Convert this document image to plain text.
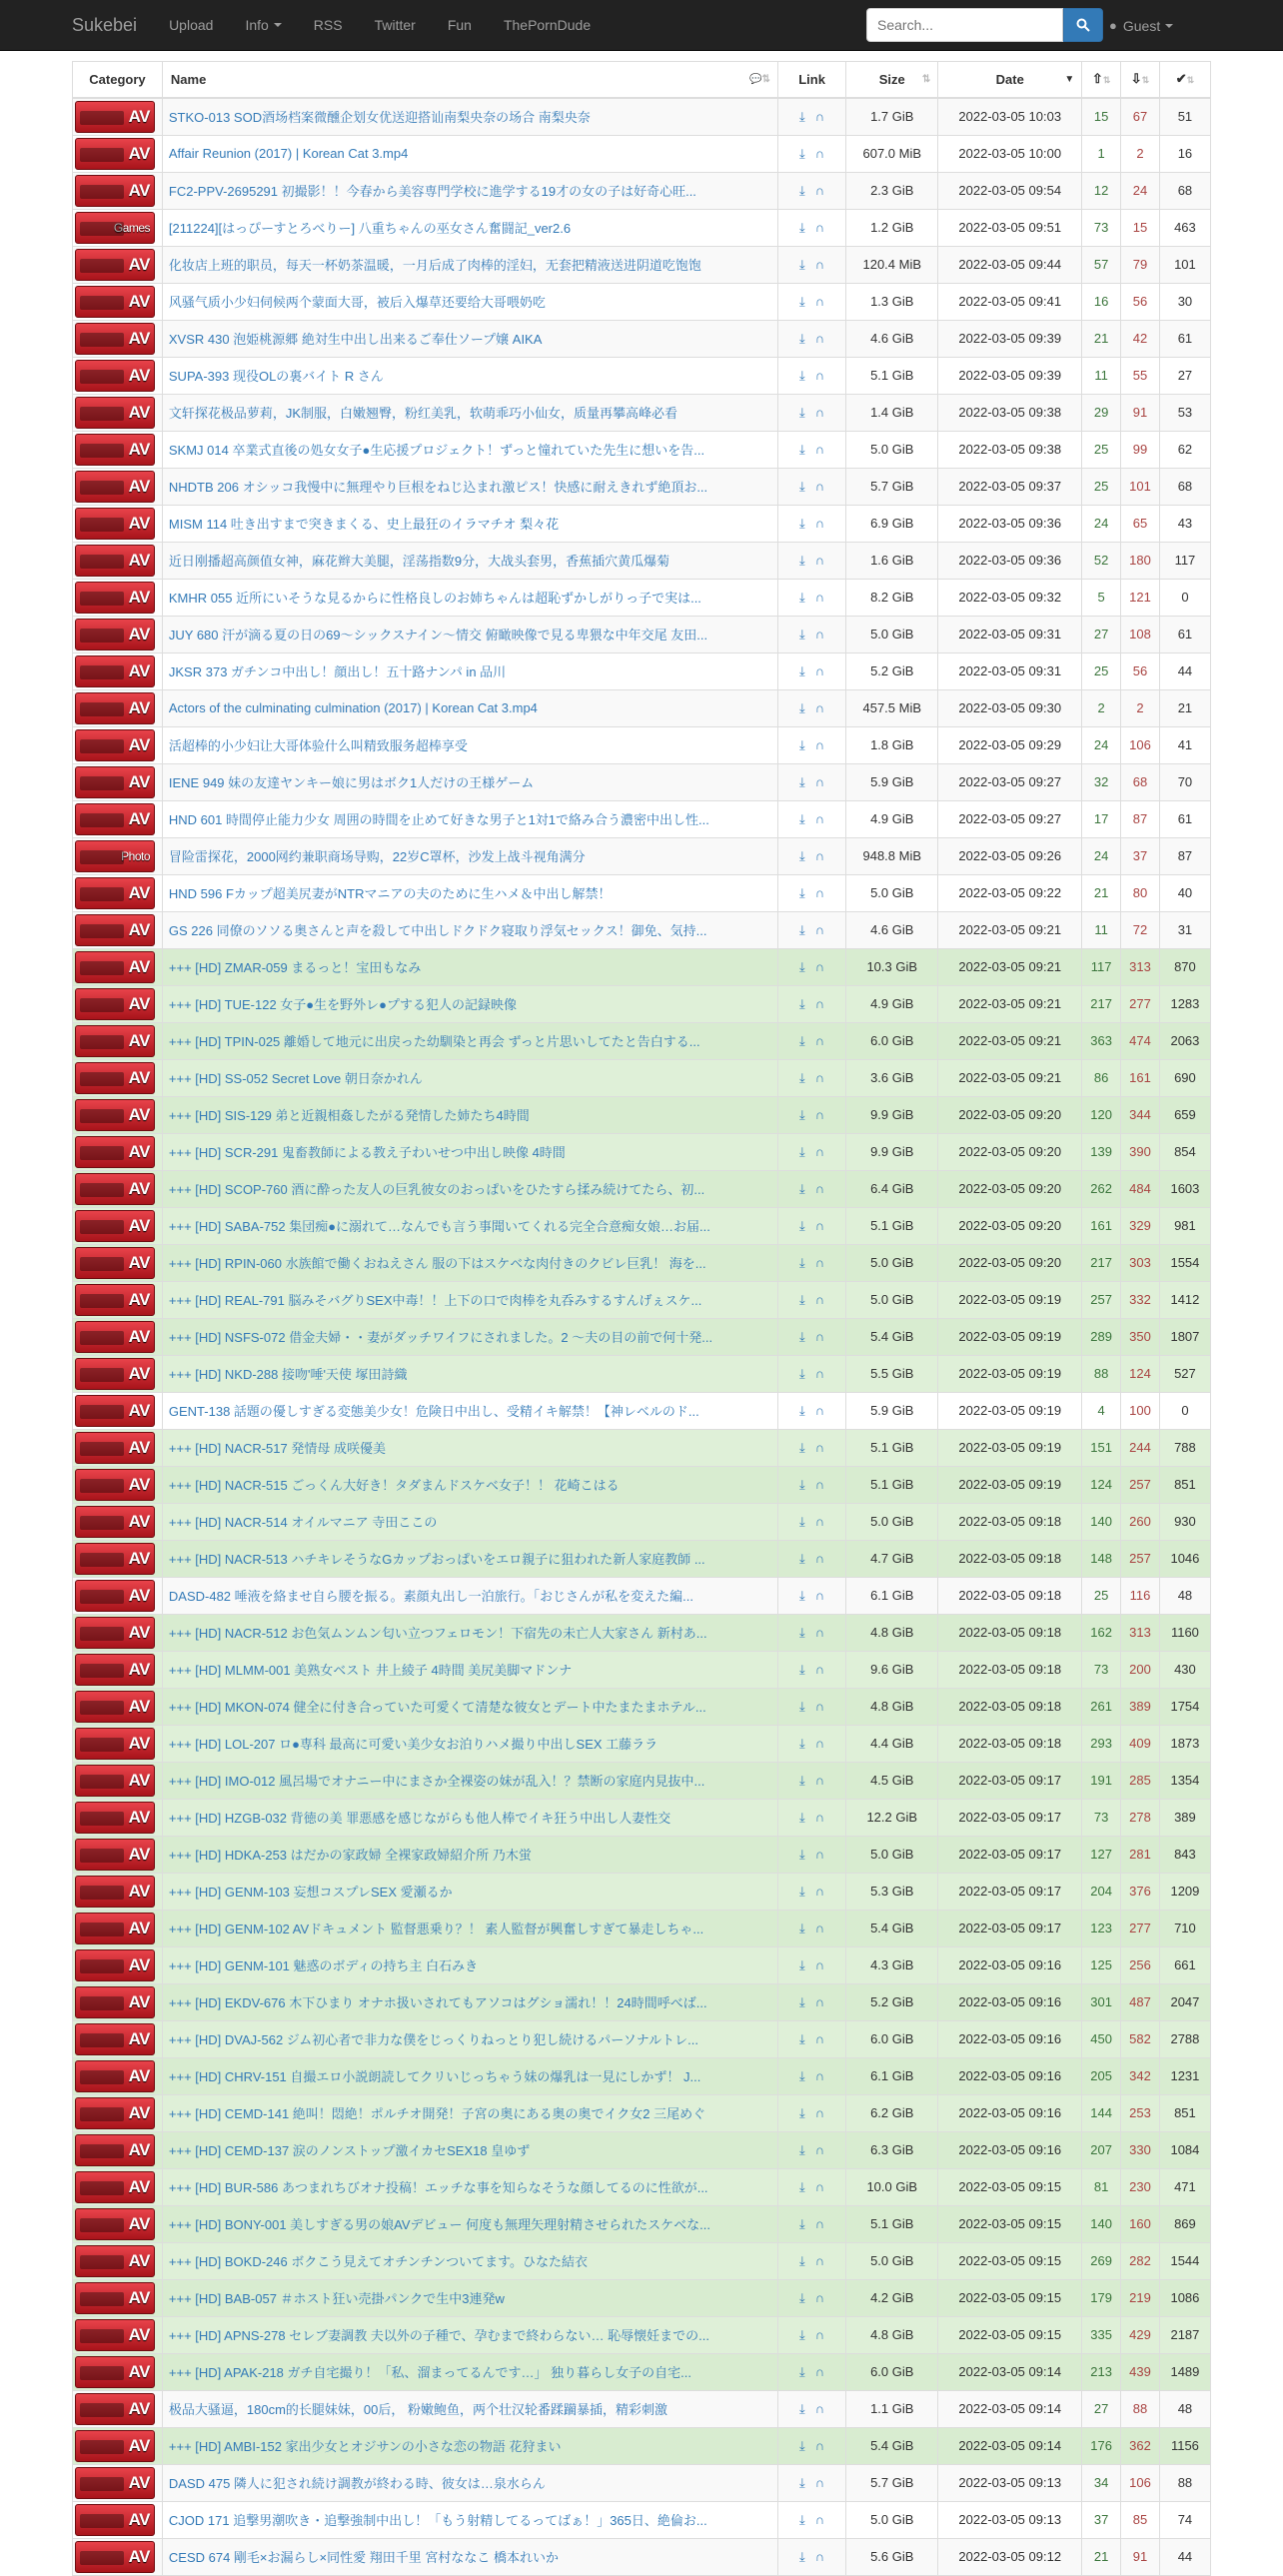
Sukebei Upload Info	RSS Twitter Fun ThePornDude
Search...	● Guest
Category	Name 💬⇅	Link	Size ⇅	Date ▼	⇧⇅	⇩⇅	✔⇅

AV	STKO-013 SOD酒场档案微醺企划女优送迎搭讪南梨央奈の场合 南梨央奈	⤓ ∩	1.7 GiB	2022-03-05 10:03	15	67	51

AV	Affair Reunion (2017) | Korean Cat 3.mp4	⤓ ∩	607.0 MiB	2022-03-05 10:00	1	2	16

AV	FC2-PPV-2695291 初撮影！！今春から美容専門学校に進学する19才の女の子は好奇心旺...	⤓ ∩	2.3 GiB	2022-03-05 09:54	12	24	68

Games	[211224][はっぴーすとろべりー] 八重ちゃんの巫女さん奮闘記_ver2.6	⤓ ∩	1.2 GiB	2022-03-05 09:51	73	15	463

AV	化妆店上班的职员，每天一杯奶茶温暖，一月后成了肉棒的淫妇，无套把精液送进阴道吃饱饱	⤓ ∩	120.4 MiB	2022-03-05 09:44	57	79	101

AV	风骚气质小少妇伺候两个蒙面大哥，被后入爆草还要给大哥喂奶吃	⤓ ∩	1.3 GiB	2022-03-05 09:41	16	56	30

AV	XVSR 430 泡姫桃源郷 絶対生中出し出来るご奉仕ソープ嬢 AIKA	⤓ ∩	4.6 GiB	2022-03-05 09:39	21	42	61

AV	SUPA-393 现役OLの裏バイト R さん	⤓ ∩	5.1 GiB	2022-03-05 09:39	11	55	27

AV	文轩探花极品萝莉，JK制服，白嫩翘臀，粉红美乳，软萌乖巧小仙女，质量再攀高峰必看	⤓ ∩	1.4 GiB	2022-03-05 09:38	29	91	53

AV	SKMJ 014 卒業式直後の処女女子●生応援プロジェクト！ずっと憧れていた先生に想いを告...	⤓ ∩	5.0 GiB	2022-03-05 09:38	25	99	62

AV	NHDTB 206 オシッコ我慢中に無理やり巨根をねじ込まれ激ピス！快感に耐えきれず絶頂お...	⤓ ∩	5.7 GiB	2022-03-05 09:37	25	101	68

AV	MISM 114 吐き出すまで突きまくる、史上最狂のイラマチオ 梨々花	⤓ ∩	6.9 GiB	2022-03-05 09:36	24	65	43

AV	近日刚播超高颜值女神，麻花辫大美腿，淫荡指数9分，大战头套男，香蕉插穴黄瓜爆菊	⤓ ∩	1.6 GiB	2022-03-05 09:36	52	180	117

AV	KMHR 055 近所にいそうな見るからに性格良しのお姉ちゃんは超恥ずかしがりっ子で実は...	⤓ ∩	8.2 GiB	2022-03-05 09:32	5	121	0

AV	JUY 680 汗が滴る夏の日の69～シックスナイン～情交 俯瞰映像で見る卑猥な中年交尾 友田...	⤓ ∩	5.0 GiB	2022-03-05 09:31	27	108	61

AV	JKSR 373 ガチンコ中出し！顔出し！五十路ナンパ in 品川	⤓ ∩	5.2 GiB	2022-03-05 09:31	25	56	44

AV	Actors of the culminating culmination (2017) | Korean Cat 3.mp4	⤓ ∩	457.5 MiB	2022-03-05 09:30	2	2	21

AV	活超棒的小少妇让大哥体验什么叫精致服务超棒享受	⤓ ∩	1.8 GiB	2022-03-05 09:29	24	106	41

AV	IENE 949 妹の友達ヤンキー娘に男はボク1人だけの王様ゲーム	⤓ ∩	5.9 GiB	2022-03-05 09:27	32	68	70

AV	HND 601 時間停止能力少女 周囲の時間を止めて好きな男子と1対1で絡み合う濃密中出し性...	⤓ ∩	4.9 GiB	2022-03-05 09:27	17	87	61

Photo	冒险雷探花，2000网约兼职商场导购，22岁C罩杯，沙发上战斗视角满分	⤓ ∩	948.8 MiB	2022-03-05 09:26	24	37	87

AV	HND 596 Fカップ超美尻妻がNTRマニアの夫のために生ハメ＆中出し解禁！	⤓ ∩	5.0 GiB	2022-03-05 09:22	21	80	40

AV	GS 226 同僚のソソる奥さんと声を殺して中出しドクドク寝取り浮気セックス！御免、気持...	⤓ ∩	4.6 GiB	2022-03-05 09:21	11	72	31

AV	+++ [HD] ZMAR-059 まるっと！宝田もなみ	⤓ ∩	10.3 GiB	2022-03-05 09:21	117	313	870

AV	+++ [HD] TUE-122 女子●生を野外レ●プする犯人の記録映像	⤓ ∩	4.9 GiB	2022-03-05 09:21	217	277	1283

AV	+++ [HD] TPIN-025 離婚して地元に出戻った幼馴染と再会 ずっと片思いしてたと告白する...	⤓ ∩	6.0 GiB	2022-03-05 09:21	363	474	2063

AV	+++ [HD] SS-052 Secret Love 朝日奈かれん	⤓ ∩	3.6 GiB	2022-03-05 09:21	86	161	690

AV	+++ [HD] SIS-129 弟と近親相姦したがる発情した姉たち4時間	⤓ ∩	9.9 GiB	2022-03-05 09:20	120	344	659

AV	+++ [HD] SCR-291 鬼畜教師による教え子わいせつ中出し映像 4時間	⤓ ∩	9.9 GiB	2022-03-05 09:20	139	390	854

AV	+++ [HD] SCOP-760 酒に酔った友人の巨乳彼女のおっぱいをひたすら揉み続けてたら、初...	⤓ ∩	6.4 GiB	2022-03-05 09:20	262	484	1603

AV	+++ [HD] SABA-752 集団痴●に溺れて…なんでも言う事聞いてくれる完全合意痴女娘…お届...	⤓ ∩	5.1 GiB	2022-03-05 09:20	161	329	981

AV	+++ [HD] RPIN-060 水族館で働くおねえさん 服の下はスケベな肉付きのクビレ巨乳！ 海を...	⤓ ∩	5.0 GiB	2022-03-05 09:20	217	303	1554

AV	+++ [HD] REAL-791 脳みそバグりSEX中毒！！上下の口で肉棒を丸呑みするすんげぇスケ...	⤓ ∩	5.0 GiB	2022-03-05 09:19	257	332	1412

AV	+++ [HD] NSFS-072 借金夫婦・・妻がダッチワイフにされました。2 ～夫の目の前で何十発...	⤓ ∩	5.4 GiB	2022-03-05 09:19	289	350	1807

AV	+++ [HD] NKD-288 接吻'唾'天使 塚田詩織	⤓ ∩	5.5 GiB	2022-03-05 09:19	88	124	527

AV	GENT-138 話題の優しすぎる変態美少女！危険日中出し、受精イキ解禁！【神レベルのド...	⤓ ∩	5.9 GiB	2022-03-05 09:19	4	100	0

AV	+++ [HD] NACR-517 発情母 成咲優美	⤓ ∩	5.1 GiB	2022-03-05 09:19	151	244	788

AV	+++ [HD] NACR-515 ごっくん大好き！タダまんドスケベ女子！！ 花崎こはる	⤓ ∩	5.1 GiB	2022-03-05 09:19	124	257	851

AV	+++ [HD] NACR-514 オイルマニア 寺田ここの	⤓ ∩	5.0 GiB	2022-03-05 09:18	140	260	930

AV	+++ [HD] NACR-513 ハチキレそうなGカップおっぱいをエロ親子に狙われた新人家庭教師 ...	⤓ ∩	4.7 GiB	2022-03-05 09:18	148	257	1046

AV	DASD-482 唾液を絡ませ自ら腰を振る。素顔丸出し一泊旅行。「おじさんが私を変えた編...	⤓ ∩	6.1 GiB	2022-03-05 09:18	25	116	48

AV	+++ [HD] NACR-512 お色気ムンムン匂い立つフェロモン！下宿先の未亡人大家さん 新村あ...	⤓ ∩	4.8 GiB	2022-03-05 09:18	162	313	1160

AV	+++ [HD] MLMM-001 美熟女ベスト 井上綾子 4時間 美尻美脚マドンナ	⤓ ∩	9.6 GiB	2022-03-05 09:18	73	200	430

AV	+++ [HD] MKON-074 健全に付き合っていた可愛くて清楚な彼女とデート中たまたまホテル...	⤓ ∩	4.8 GiB	2022-03-05 09:18	261	389	1754

AV	+++ [HD] LOL-207 ロ●専科 最高に可愛い美少女お泊りハメ撮り中出しSEX 工藤ララ	⤓ ∩	4.4 GiB	2022-03-05 09:18	293	409	1873

AV	+++ [HD] IMO-012 風呂場でオナニー中にまさか全裸姿の妹が乱入！？禁断の家庭内見抜中...	⤓ ∩	4.5 GiB	2022-03-05 09:17	191	285	1354

AV	+++ [HD] HZGB-032 背徳の美 罪悪感を感じながらも他人棒でイキ狂う中出し人妻性交	⤓ ∩	12.2 GiB	2022-03-05 09:17	73	278	389

AV	+++ [HD] HDKA-253 はだかの家政婦 全裸家政婦紹介所 乃木蛍	⤓ ∩	5.0 GiB	2022-03-05 09:17	127	281	843

AV	+++ [HD] GENM-103 妄想コスプレSEX 愛瀬るか	⤓ ∩	5.3 GiB	2022-03-05 09:17	204	376	1209

AV	+++ [HD] GENM-102 AVドキュメント 監督悪乗り？！ 素人監督が興奮しすぎて暴走しちゃ...	⤓ ∩	5.4 GiB	2022-03-05 09:17	123	277	710

AV	+++ [HD] GENM-101 魅惑のボディの持ち主 白石みき	⤓ ∩	4.3 GiB	2022-03-05 09:16	125	256	661

AV	+++ [HD] EKDV-676 木下ひまり オナホ扱いされてもアソコはグショ濡れ！！24時間呼べば...	⤓ ∩	5.2 GiB	2022-03-05 09:16	301	487	2047

AV	+++ [HD] DVAJ-562 ジム初心者で非力な僕をじっくりねっとり犯し続けるパーソナルトレ...	⤓ ∩	6.0 GiB	2022-03-05 09:16	450	582	2788

AV	+++ [HD] CHRV-151 自撮エロ小説朗読してクリいじっちゃう妹の爆乳は一見にしかず！ J...	⤓ ∩	6.1 GiB	2022-03-05 09:16	205	342	1231

AV	+++ [HD] CEMD-141 絶叫！悶絶！ポルチオ開発！子宮の奥にある奥の奥でイク女2 三尾めぐ	⤓ ∩	6.2 GiB	2022-03-05 09:16	144	253	851

AV	+++ [HD] CEMD-137 涙のノンストップ激イカセSEX18 皇ゆず	⤓ ∩	6.3 GiB	2022-03-05 09:16	207	330	1084

AV	+++ [HD] BUR-586 あつまれちびオナ投稿！エッチな事を知らなそうな顔してるのに性欲が...	⤓ ∩	10.0 GiB	2022-03-05 09:15	81	230	471

AV	+++ [HD] BONY-001 美しすぎる男の娘AVデビュー 何度も無理矢理射精させられたスケベな...	⤓ ∩	5.1 GiB	2022-03-05 09:15	140	160	869

AV	+++ [HD] BOKD-246 ボクこう見えてオチンチンついてます。ひなた結衣	⤓ ∩	5.0 GiB	2022-03-05 09:15	269	282	1544

AV	+++ [HD] BAB-057 ＃ホスト狂い売掛パンクで生中3連発w	⤓ ∩	4.2 GiB	2022-03-05 09:15	179	219	1086

AV	+++ [HD] APNS-278 セレブ妻調教 夫以外の子種で、孕むまで終わらない… 恥辱懐妊までの...	⤓ ∩	4.8 GiB	2022-03-05 09:15	335	429	2187

AV	+++ [HD] APAK-218 ガチ自宅撮り！「私、溜まってるんです…」 独り暮らし女子の自宅...	⤓ ∩	6.0 GiB	2022-03-05 09:14	213	439	1489

AV	极品大骚逼，180cm的长腿妹妹，00后， 粉嫩鲍鱼，两个壮汉轮番蹂躏暴插，精彩刺激	⤓ ∩	1.1 GiB	2022-03-05 09:14	27	88	48

AV	+++ [HD] AMBI-152 家出少女とオジサンの小さな恋の物語 花狩まい	⤓ ∩	5.4 GiB	2022-03-05 09:14	176	362	1156

AV	DASD 475 隣人に犯され続け調教が終わる時、彼女は…泉水らん	⤓ ∩	5.7 GiB	2022-03-05 09:13	34	106	88

AV	CJOD 171 追撃男潮吹き・追撃強制中出し！「もう射精してるってばぁ！」365日、絶倫お...	⤓ ∩	5.0 GiB	2022-03-05 09:13	37	85	74

AV	CESD 674 剛毛×お漏らし×同性愛 翔田千里 宮村ななこ 橋本れいか	⤓ ∩	5.6 GiB	2022-03-05 09:12	21	91	44
